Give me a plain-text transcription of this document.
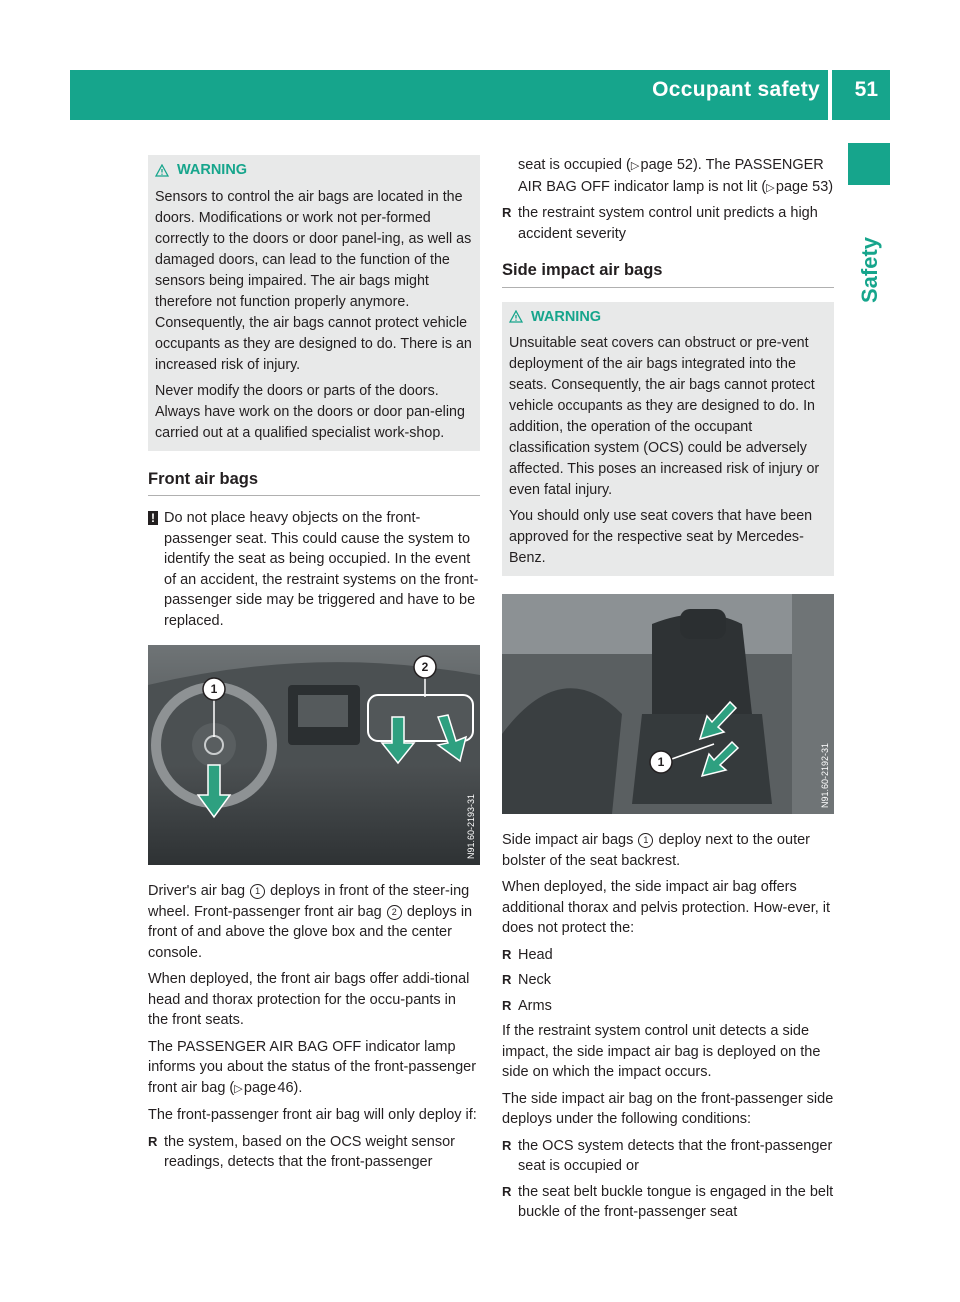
Occupant safety 51
Safety
WARNING

Sensors to control the air bags are located in the doors. Modifications or work not per-formed correctly to the doors or door panel-ing, as well as damaged doors, can lead to the function of the sensors being impaired. The air bags might therefore not function properly anymore. Consequently, the air bags cannot protect vehicle occupants as they are designed to do. There is an increased risk of injury.

Never modify the doors or parts of the doors. Always have work on the doors or door pan-eling carried out at a qualified specialist work-shop.

Front air bags
! Do not place heavy objects on the front-passenger seat. This could cause the system to identify the seat as being occupied. In the event of an accident, the restraint systems on the front-passenger side may be triggered and have to be replaced.
1
2
N91.60-2193-31

Driver's air bag 1 deploys in front of the steer-ing wheel. Front-passenger front air bag 2 deploys in front of and above the glove box and the center console.

When deployed, the front air bags offer addi-tional head and thorax protection for the occu-pants in the front seats.

The PASSENGER AIR BAG OFF indicator lamp informs you about the status of the front-passenger front air bag (▷ page 46).

The front-passenger front air bag will only deploy if:

R the system, based on the OCS weight sensor readings, detects that the front-passenger
seat is occupied (▷ page 52). The PASSENGER AIR BAG OFF indicator lamp is not lit (▷ page 53)
R the restraint system control unit predicts a high accident severity
Side impact air bags
WARNING

Unsuitable seat covers can obstruct or pre-vent deployment of the air bags integrated into the seats. Consequently, the air bags cannot protect vehicle occupants as they are designed to do. In addition, the operation of the occupant classification system (OCS) could be adversely affected. This poses an increased risk of injury or even fatal injury.

You should only use seat covers that have been approved for the respective seat by Mercedes-Benz.

1	N91.60-2192-31

Side impact air bags 1 deploy next to the outer bolster of the seat backrest.

When deployed, the side impact air bag offers additional thorax and pelvis protection. How-ever, it does not protect the:

R Head
R Neck
R Arms

If the restraint system control unit detects a side impact, the side impact air bag is deployed on the side on which the impact occurs.

The side impact air bag on the front-passenger side deploys under the following conditions:

R the OCS system detects that the front-passenger seat is occupied or
R the seat belt buckle tongue is engaged in the belt buckle of the front-passenger seat
